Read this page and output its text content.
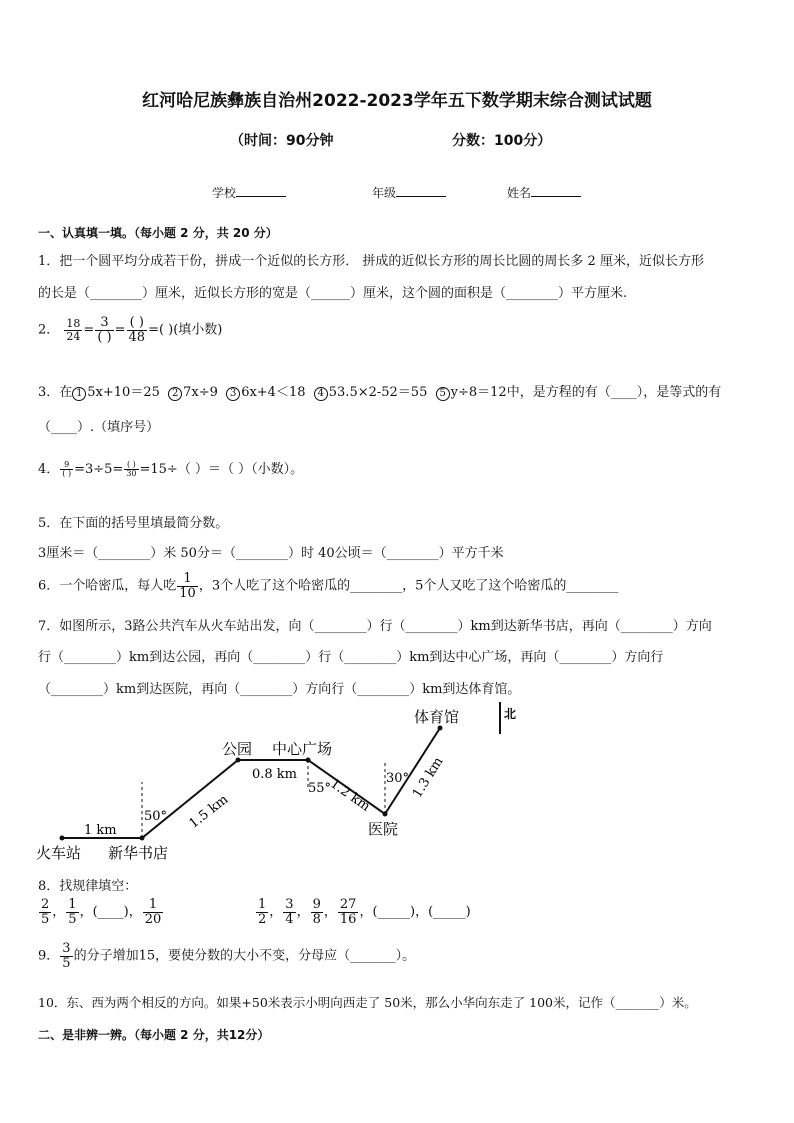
红河哈尼族彝族自治州2022-2023学年五下数学期末综合测试试题
（时间：90分钟	分数：100分）
学校	年级	姓名
一、认真填一填。（每小题 2 分，共 20 分）
1．把一个圆平均分成若干份，拼成一个近似的长方形． 拼成的近似长方形的周长比圆的周长多 2 厘米，近似长方形
的长是（________）厘米，近似长方形的宽是（______）厘米，这个圆的面积是（________）平方厘米.
2． $\frac{18}{24} = \frac{3}{( )} = \frac{( )}{48}$ =( )(填小数)
3．在 1 5x+10＝25 2 7x÷9 3 6x+4＜18 4 53.5×2-52＝55 5 y÷8＝12中，是方程的有（____），是等式的有
（____）.（填序号）
4． $\frac{9}{( )} =3\div 5= \frac{( )}{30} =15\div$（ ）＝（ ）（小数）。
5．在下面的括号里填最简分数。
3厘米＝（________）米 50分＝（________）时 40公顷＝（________）平方千米
6．一个哈密瓜，每人吃 $\frac{1}{10}$ ，3个人吃了这个哈密瓜的________，5个人又吃了这个哈密瓜的________
7．如图所示，3路公共汽车从火车站出发，向（________）行（________）km到达新华书店，再向（________）方向
行（________）km到达公园，再向（________）行（________）km到达中心广场，再向（________）方向行
（________）km到达医院，再向（________）方向行（________）km到达体育馆。
体育馆	北
公园 中心广场
0.8 km
1.2 km	1.3 km
30°
55°
50° 1.5 km
1 km
火车站 新华书店
医院
8．找规律填空：
$\frac{2}{5}$ ， $\frac{1}{5}$ ，(____)， $\frac{1}{20}$	$\frac{1}{2}$ ， $\frac{3}{4}$ ， $\frac{9}{8}$ ， $\frac{27}{16}$ ，(_____)，(_____)
9． $\frac{3}{5}$ 的分子增加15，要使分数的大小不变，分母应（_______）。
10．东、西为两个相反的方向。如果+50米表示小明向西走了 50米，那么小华向东走了 100米，记作（_______）米。
二、是非辨一辨。（每小题 2 分，共12分）
